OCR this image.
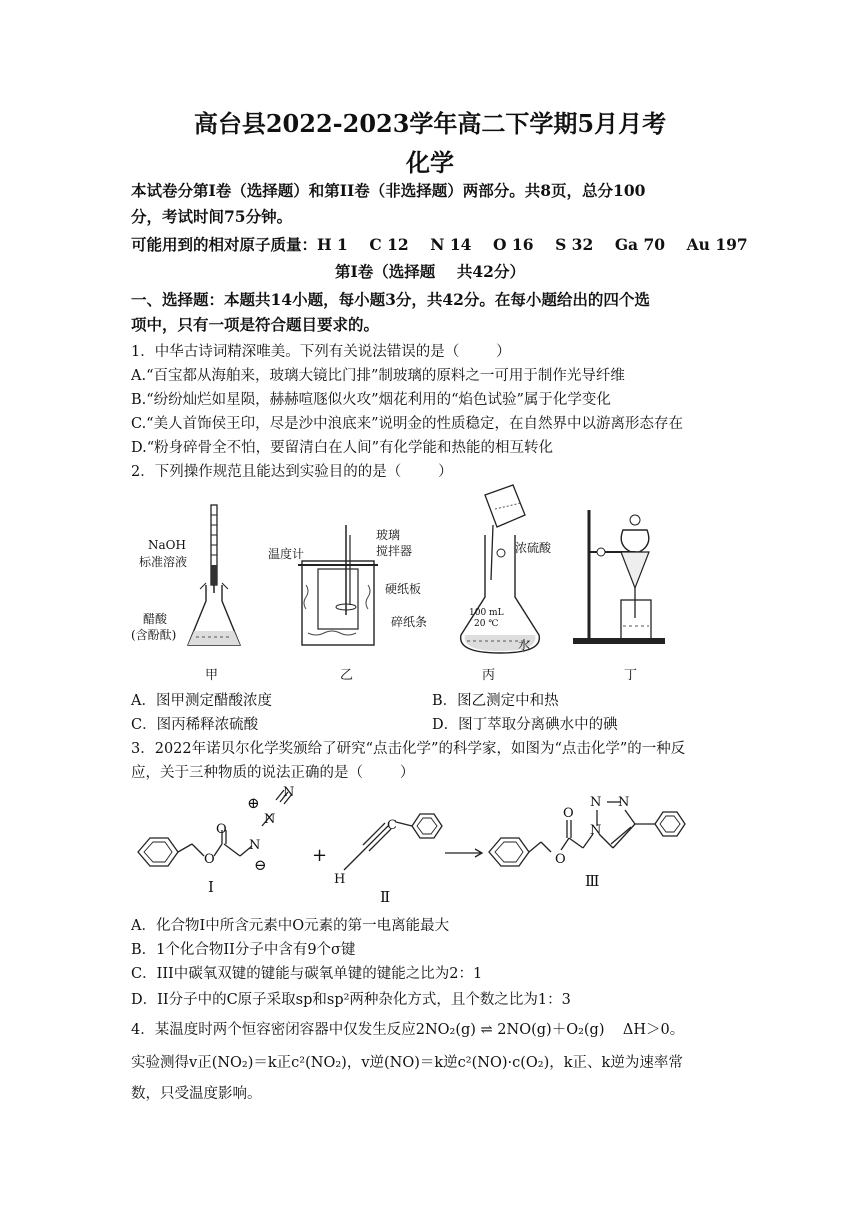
高台县2022-2023学年高二下学期5月月考
化学
本试卷分第I卷（选择题）和第II卷（非选择题）两部分。共8页，总分100
分，考试时间75分钟。
可能用到的相对原子质量：H 1    C 12    N 14    O 16    S 32    Ga 70    Au 197
第I卷（选择题    共42分）
一、选择题：本题共14小题，每小题3分，共42分。在每小题给出的四个选
项中，只有一项是符合题目要求的。
1．中华古诗词精深唯美。下列有关说法错误的是（        ）
A.“百宝都从海舶来，玻璃大镜比门排”制玻璃的原料之一可用于制作光导纤维
B.“纷纷灿烂如星陨，赫赫喧豗似火攻”烟花利用的“焰色试验”属于化学变化
C.“美人首饰侯王印，尽是沙中浪底来”说明金的性质稳定，在自然界中以游离形态存在
D.“粉身碎骨全不怕，要留清白在人间”有化学能和热能的相互转化
2．下列操作规范且能达到实验目的的是（        ）
NaOH
标准溶液
醋酸
(含酚酞)
甲
温度计
玻璃
搅拌器
硬纸板
碎纸条
乙
浓硫酸
100 mL
20 ℃
水
丙	丁
A．图甲测定醋酸浓度	B．图乙测定中和热
C．图丙稀释浓硫酸	D．图丁萃取分离碘水中的碘
3．2022年诺贝尔化学奖颁给了研究“点击化学”的科学家，如图为“点击化学”的一种反
应，关于三种物质的说法正确的是（        ）
O
O
N
N
N
⊕
⊖
Ⅰ
+
H
C
Ⅱ
O
O
N
N N
Ⅲ
A．化合物I中所含元素中O元素的第一电离能最大
B．1个化合物II分子中含有9个σ键
C．III中碳氧双键的键能与碳氧单键的键能之比为2：1
D．II分子中的C原子采取sp和sp²两种杂化方式，且个数之比为1：3
4．某温度时两个恒容密闭容器中仅发生反应2NO₂(g) ⇌ 2NO(g)＋O₂(g)    ΔH＞0。
实验测得v正(NO₂)＝k正c²(NO₂)，v逆(NO)＝k逆c²(NO)·c(O₂)，k正、k逆为速率常
数，只受温度影响。
